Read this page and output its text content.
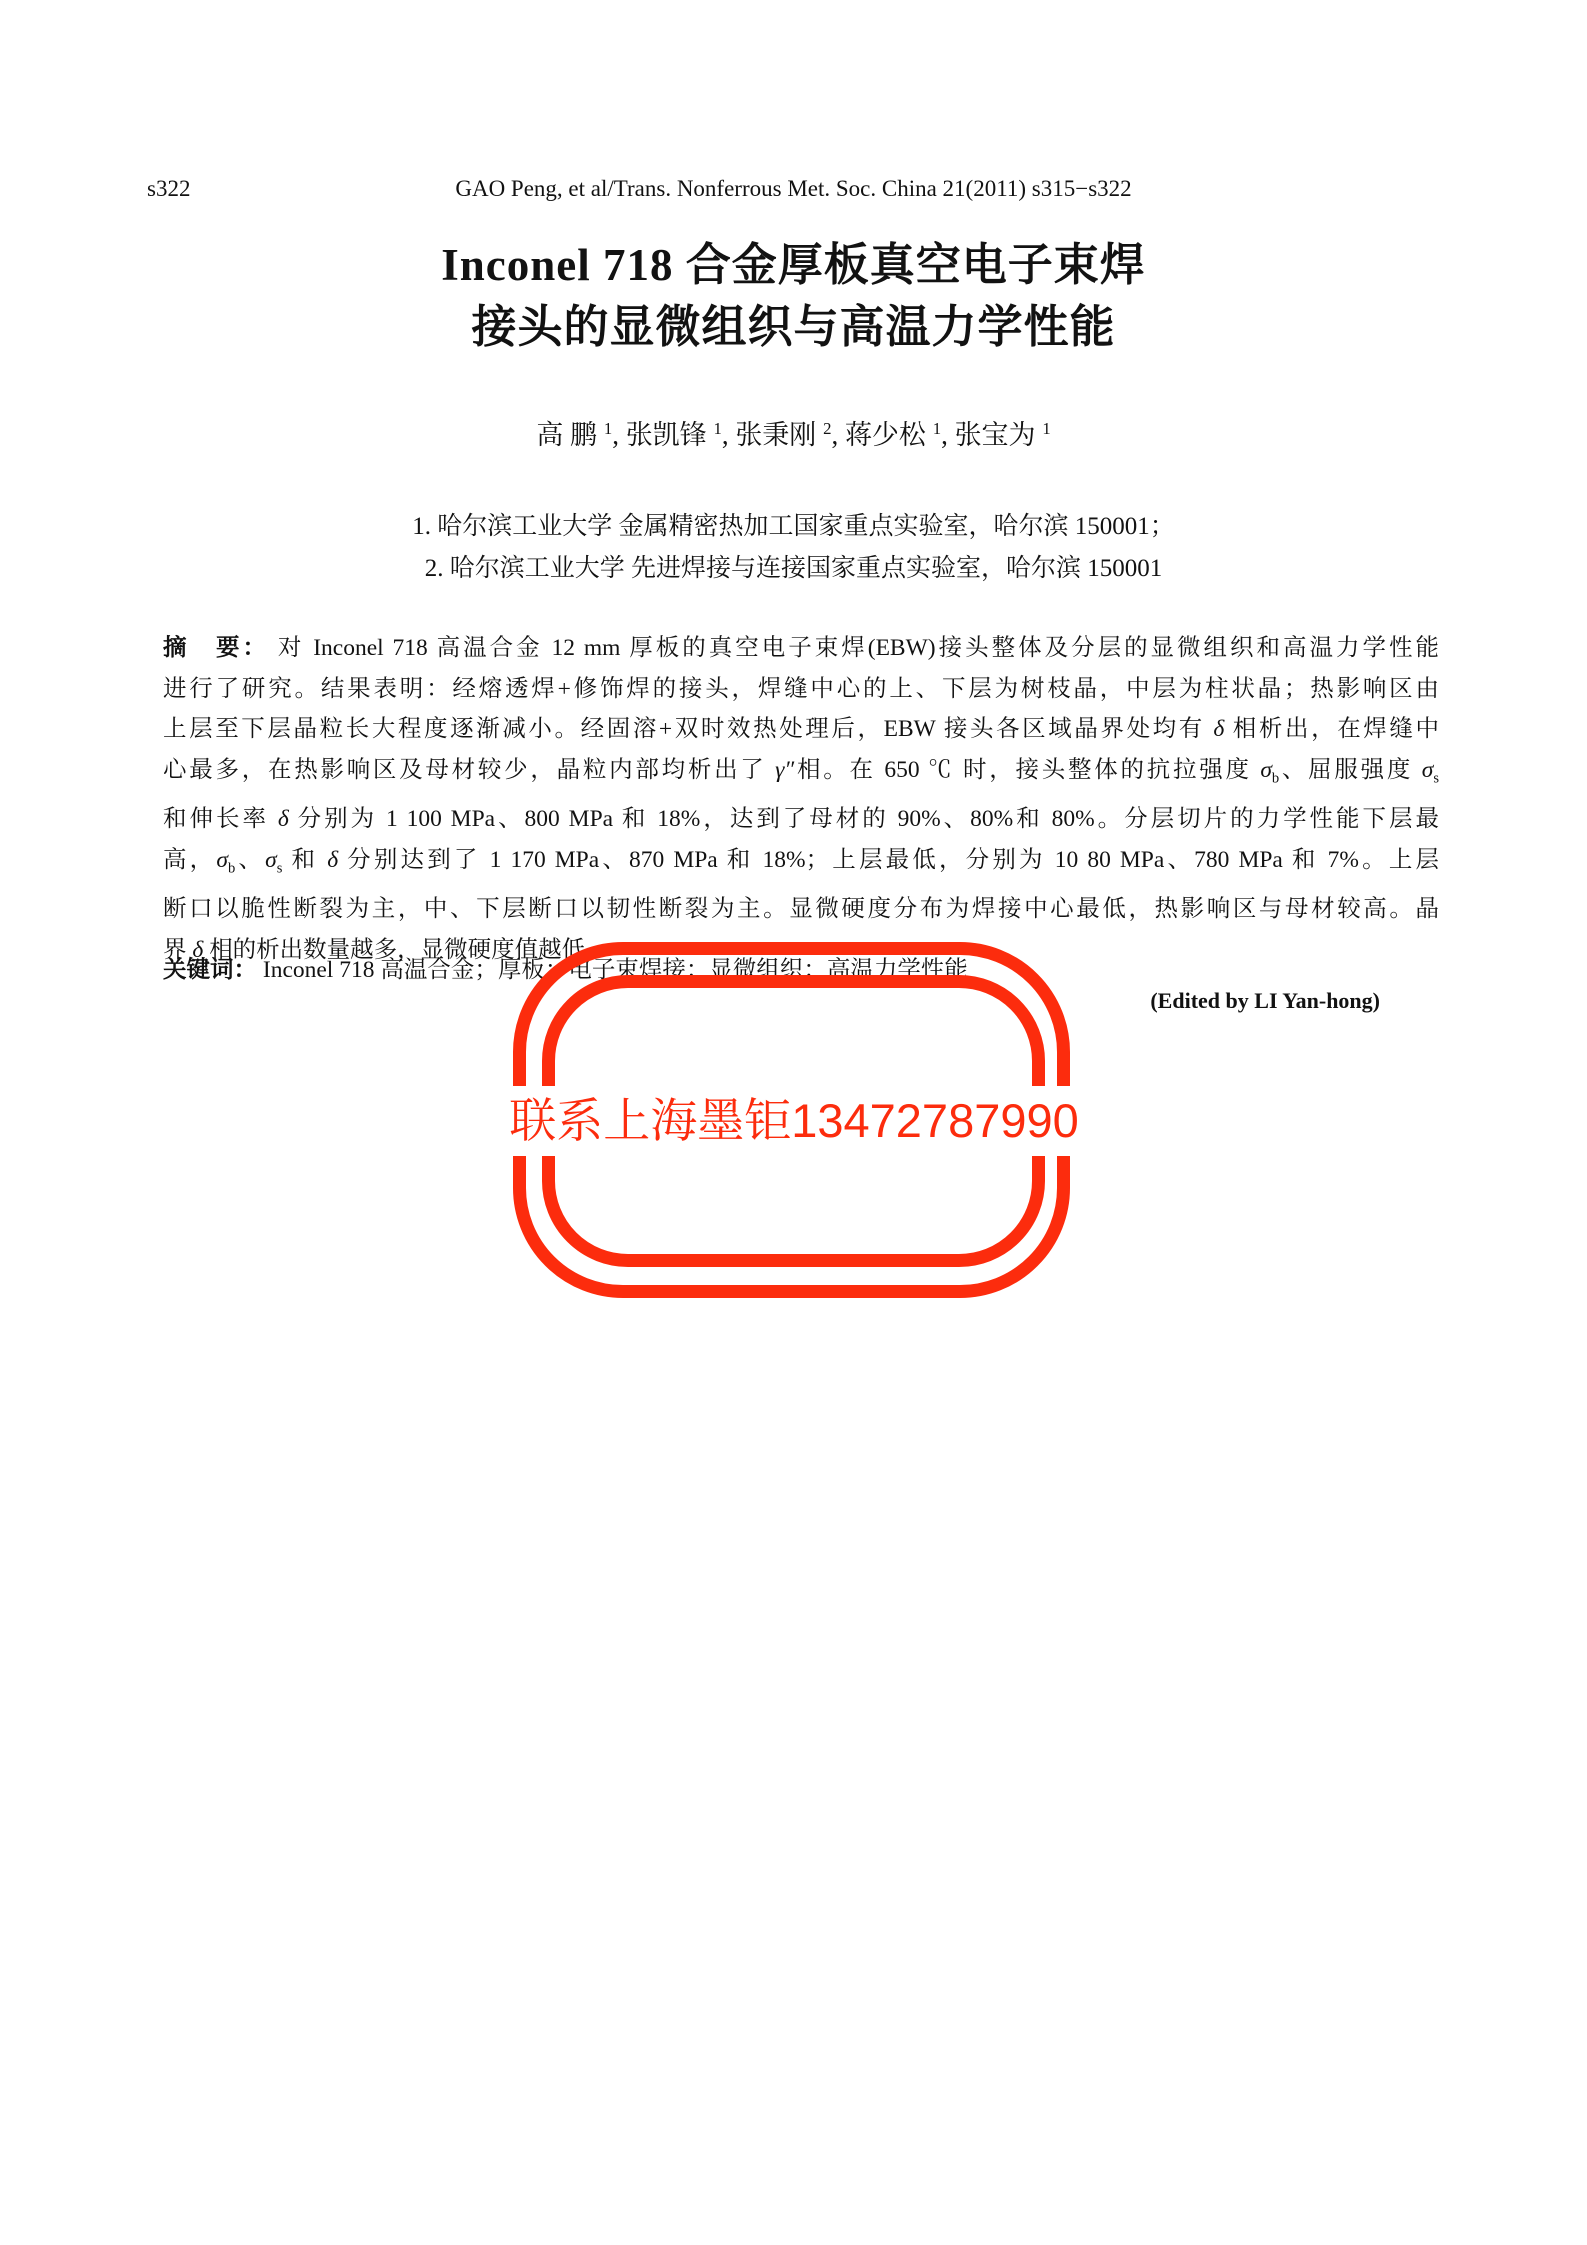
s322	GAO Peng, et al/Trans. Nonferrous Met. Soc. China 21(2011) s315−s322
Inconel 718 合金厚板真空电子束焊
接头的显微组织与高温力学性能
高 鹏 $^1$, 张凯锋 $^1$, 张秉刚 $^2$, 蒋少松 $^1$, 张宝为 $^1$
1. 哈尔滨工业大学 金属精密热加工国家重点实验室，哈尔滨 150001；
2. 哈尔滨工业大学 先进焊接与连接国家重点实验室，哈尔滨 150001
摘　要： 对 Inconel 718 高温合金 12 mm 厚板的真空电子束焊(EBW)接头整体及分层的显微组织和高温力学性能
进行了研究。结果表明：经熔透焊+修饰焊的接头，焊缝中心的上、下层为树枝晶，中层为柱状晶；热影响区由
上层至下层晶粒长大程度逐渐减小。经固溶+双时效热处理后，EBW 接头各区域晶界处均有 δ 相析出，在焊缝中
心最多，在热影响区及母材较少，晶粒内部均析出了 γ″相。在 650 ℃ 时，接头整体的抗拉强度 $\sigma_b$、屈服强度 $\sigma_s$
和伸长率 δ 分别为 1 100 MPa、800 MPa 和 18%，达到了母材的 90%、80%和 80%。分层切片的力学性能下层最
高，$\sigma_b$、$\sigma_s$ 和 δ 分别达到了 1 170 MPa、870 MPa 和 18%；上层最低，分别为 10 80 MPa、780 MPa 和 7%。上层
断口以脆性断裂为主，中、下层断口以韧性断裂为主。显微硬度分布为焊接中心最低，热影响区与母材较高。晶
界 δ 相的析出数量越多，显微硬度值越低。
关键词： Inconel 718 高温合金；厚板；电子束焊接；显微组织；高温力学性能
(Edited by LI Yan-hong)
联系上海墨钜13472787990
